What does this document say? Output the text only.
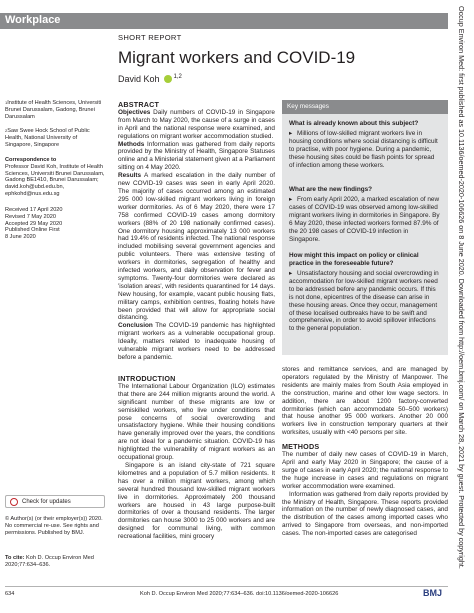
Workplace	Occup Environ Med: first published as 10.1136/oemed-2020-106626 on 8 June 2020. Downloaded from http://oem.bmj.com/ on March 28, 2021 by guest. Protected by copyright.
SHORT REPORT
Migrant workers and COVID-19
David Koh $^{1,2}$
$^1$Institute of Health Sciences, Universiti Brunei Darussalam, Gadong, Brunei Darussalam
$^2$Saw Swee Hock School of Public Health, National University of Singapore, Singapore
Correspondence to
Professor David Koh, Institute of Health Sciences, Universiti Brunei Darussalam, Gadong BE1410, Brunei Darussalam; david.koh@ubd.edu.bn, ephkohd@nus.edu.sg
Received 17 April 2020
Revised 7 May 2020
Accepted 29 May 2020
Published Online First
8 June 2020
Check for updates
© Author(s) (or their employer(s)) 2020. No commercial re-use. See rights and permissions. Published by BMJ.
To cite: Koh D. Occup Environ Med 2020;77:634–636.
ABSTRACT
Objectives Daily numbers of COVID-19 in Singapore from March to May 2020, the cause of a surge in cases in April and the national response were examined, and regulations on migrant worker accommodation studied.
Methods Information was gathered from daily reports provided by the Ministry of Health, Singapore Statuses online and a Ministerial statement given at a Parliament sitting on 4 May 2020.
Results A marked escalation in the daily number of new COVID-19 cases was seen in early April 2020. The majority of cases occurred among an estimated 295 000 low-skilled migrant workers living in foreign worker dormitories. As of 6 May 2020, there were 17 758 confirmed COVID-19 cases among dormitory workers (88% of 20 198 nationally confirmed cases). One dormitory housing approximately 13 000 workers had 19.4% of residents infected. The national response included mobilising several government agencies and public volunteers. There was extensive testing of workers in dormitories, segregation of healthy and infected workers, and daily observation for fever and symptoms. Twenty-four dormitories were declared as 'isolation areas', with residents quarantined for 14 days. New housing, for example, vacant public housing flats, military camps, exhibition centres, floating hotels have been provided that will allow for appropriate social distancing.
Conclusion The COVID-19 pandemic has highlighted migrant workers as a vulnerable occupational group. Ideally, matters related to inadequate housing of vulnerable migrant workers need to be addressed before a pandemic.
INTRODUCTION
The International Labour Organization (ILO) estimates that there are 244 million migrants around the world. A significant number of these migrants are low or semiskilled workers, who live under conditions that pose concerns of social overcrowding and unsatisfactory hygiene. While their housing conditions have generally improved over the years, the conditions are not ideal for a pandemic situation. COVID-19 has highlighted the vulnerability of migrant workers as an occupational group.
Singapore is an island city-state of 721 square kilometres and a population of 5.7 million residents. It has over a million migrant workers, among which several hundred thousand low-skilled migrant workers live in dormitories. Approximately 200 thousand workers are housed in 43 large purpose-built dormitories of over a thousand residents. The larger dormitories can house 3000 to 25 000 workers and are designed for communal living, with common recreational facilities, mini grocery
Key messages
What is already known about this subject?
▸ Millions of low-skilled migrant workers live in housing conditions where social distancing is difficult to practise, with poor hygiene. During a pandemic, these housing sites could be flash points for spread of infection among these workers.
What are the new findings?
▸ From early April 2020, a marked escalation of new cases of COVID-19 was observed among low-skilled migrant workers living in dormitories in Singapore. By 6 May 2020, these infected workers formed 87.9% of the 20 198 cases of COVID-19 infection in Singapore.
How might this impact on policy or clinical practice in the foreseeable future?
▸ Unsatisfactory housing and social overcrowding in accommodation for low-skilled migrant workers need to be addressed before any pandemic occurs. If this is not done, epicentres of the disease can arise in these housing areas. Once they occur, management of these localised outbreaks have to be swift and comprehensive, in order to avoid spillover infections to the general population.
stores and remittance services, and are managed by operators regulated by the Ministry of Manpower. The residents are mainly males from South Asia employed in the construction, marine and other low wage sectors. In addition, there are about 1200 factory-converted dormitories (which can accommodate 50–500 workers) that house another 95 000 workers. Another 20 000 workers live in construction temporary quarters at their worksites, usually with <40 persons per site.
METHODS
The number of daily new cases of COVID-19 in March, April and early May 2020 in Singapore; the cause of a surge of cases in early April 2020; the national response to the huge increase in cases and regulations on migrant worker accommodation were examined.
Information was gathered from daily reports provided by the Ministry of Health, Singapore. These reports provided information on the number of newly diagnosed cases, and the distribution of the cases among imported cases who arrived to Singapore from overseas, and non-imported cases. The non-imported cases are categorised
634	Koh D. Occup Environ Med 2020;77:634–636. doi:10.1136/oemed-2020-106626	BMJ
